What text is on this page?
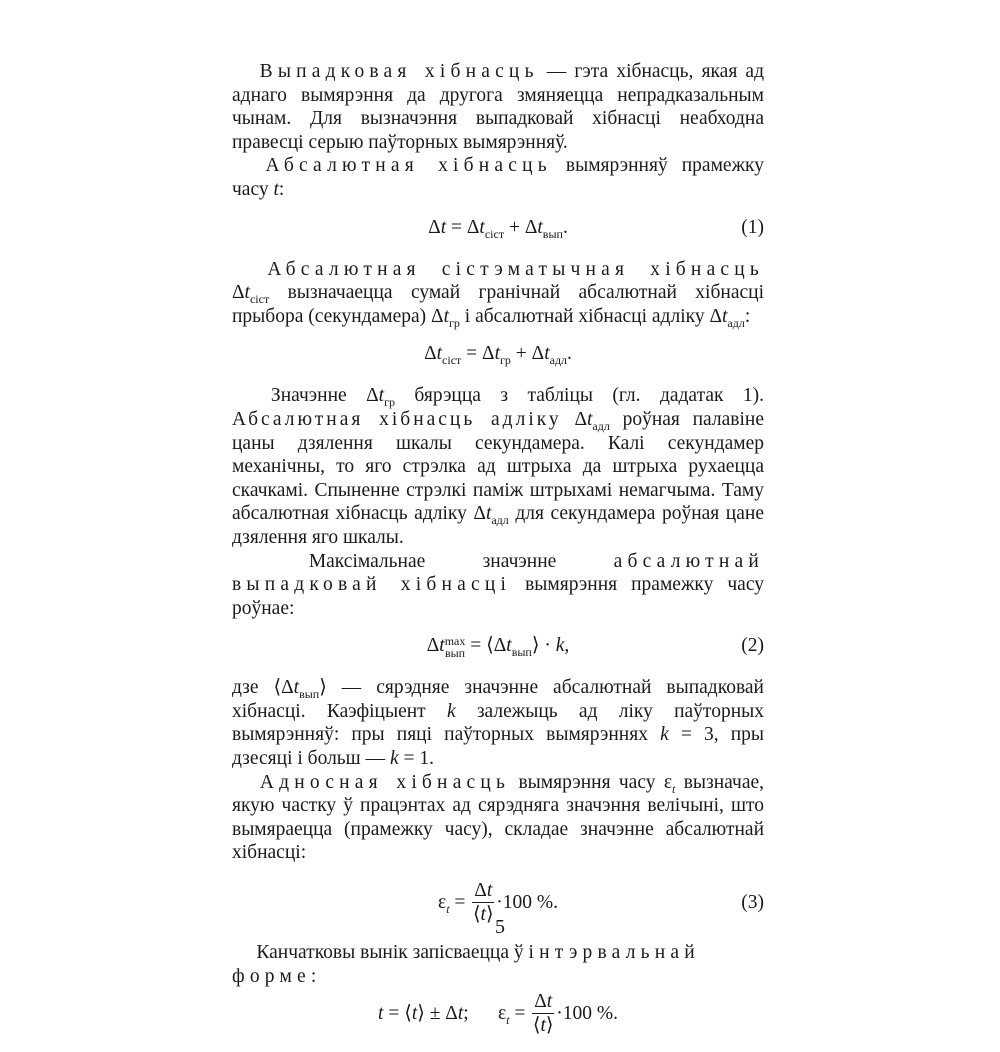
  Выпадковая хібнасць — гэта хібнасць, якая ад аднаго вымярэння да другога змяняецца непрадказальным чынам. Для вызначэння выпадковай хібнасці неабходна правесці серыю паўторных вымярэнняў.

  Абсалютная хібнасць вымярэнняў прамежку часу t:

$\Delta t = \Delta t_{сіст} + \Delta t_{вып}$.	(1)

  Абсалютная сістэматычная хібнасць $\Delta t_{сіст}$ вызначаецца сумай гранічнай абсалютнай хібнасці прыбора (секундамера) $\Delta t_{гр}$ і абсалютнай хібнасці адліку $\Delta t_{адл}$:

$\Delta t_{сіст} = \Delta t_{гр} + \Delta t_{адл}$.

  Значэнне $\Delta t_{гр}$ бярэцца з табліцы (гл. дадатак 1). Абсалютная хібнасць адліку $\Delta t_{адл}$ роўная палавіне цаны дзялення шкалы секундамера. Калі секундамер механічны, то яго стрэлка ад штрыха да штрыха рухаецца скачкамі. Спыненне стрэлкі паміж штрыхамі немагчыма. Таму абсалютная хібнасць адліку $\Delta t_{адл}$ для секундамера роўная цане дзялення яго шкалы.

  Максімальнае значэнне абсалютнай выпадковай хібнасці вымярэння прамежку часу роўнае:

Δt max
вып = $⟨\Delta t_{вып}⟩ \cdot k$,	(2)

дзе $⟨\Delta t_{вып}⟩$ — сярэдняе значэнне абсалютнай выпадковай хібнасці. Каэфіцыент k залежыць ад ліку паўторных вымярэнняў: пры пяці паўторных вымярэннях k = 3, пры дзесяці і больш — k = 1.

  Адносная хібнасць вымярэння часу $\varepsilon_t$ вызначае, якую частку ў працэнтах ад сярэдняга значэння велічыні, што вымяраецца (прамежку часу), складае значэнне абсалютнай хібнасці:

$\varepsilon_t = \frac{\Delta t}{⟨t⟩} \cdot 100$ %.	(3)

  Канчатковы вынік запісваецца ў інтэрвальнай форме:

t = ⟨t⟩ ± Δt;  $\varepsilon_t = \frac{\Delta t}{⟨t⟩} \cdot 100$ %.
5
